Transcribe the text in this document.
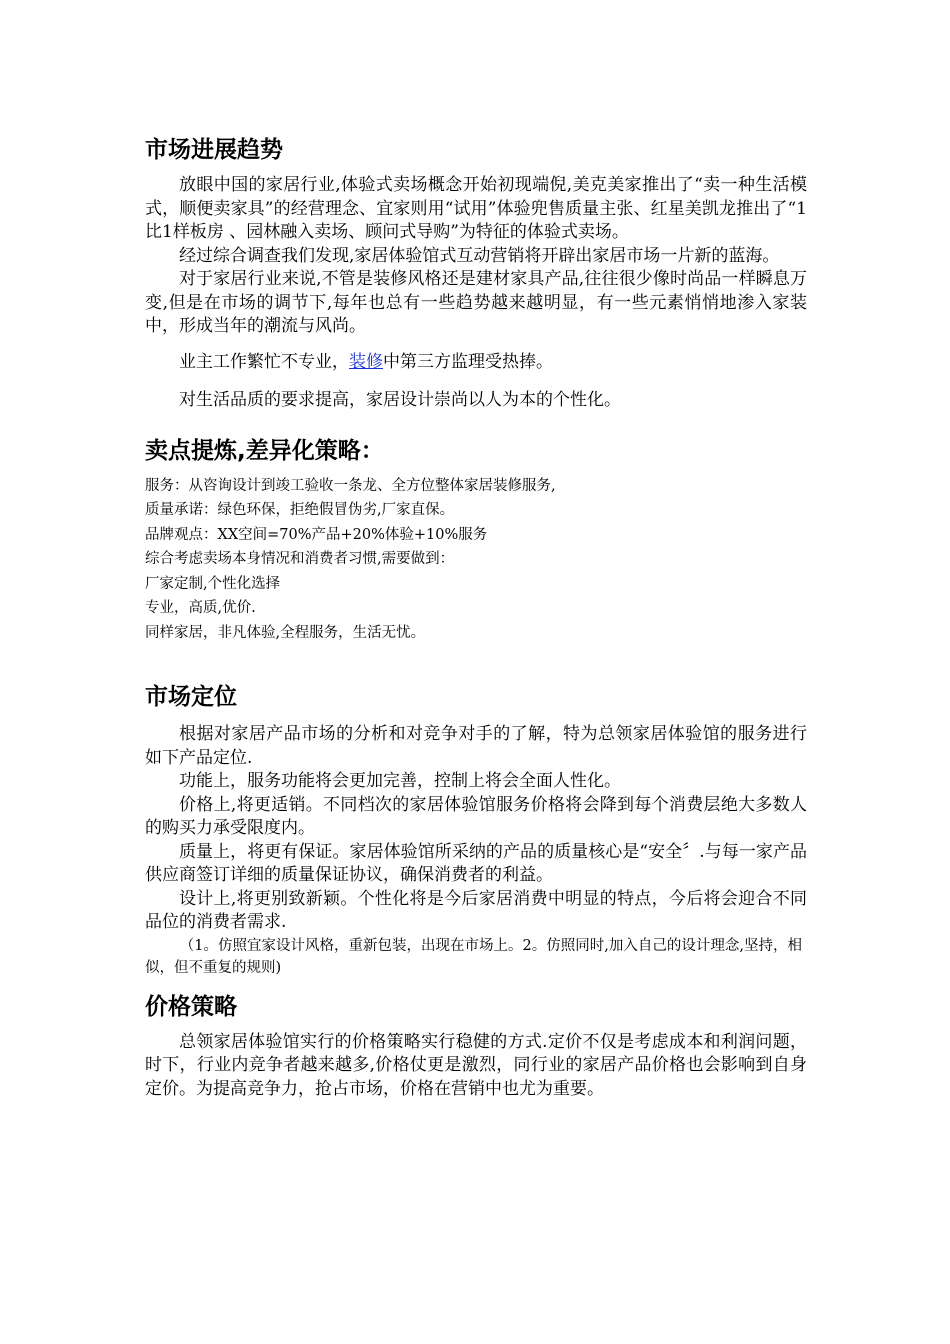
市场进展趋势

放眼中国的家居行业,体验式卖场概念开始初现端倪,美克美家推出了“卖一种生活模式，顺便卖家具”的经营理念、宜家则用“试用”体验兜售质量主张、红星美凯龙推出了“1比1样板房 、园林融入卖场、顾问式导购”为特征的体验式卖场。

经过综合调查我们发现,家居体验馆式互动营销将开辟出家居市场一片新的蓝海。

对于家居行业来说,不管是装修风格还是建材家具产品,往往很少像时尚品一样瞬息万变,但是在市场的调节下,每年也总有一些趋势越来越明显，有一些元素悄悄地渗入家装中，形成当年的潮流与风尚。

业主工作繁忙不专业，装修中第三方监理受热捧。

对生活品质的要求提高，家居设计崇尚以人为本的个性化。

卖点提炼,差异化策略：

服务：从咨询设计到竣工验收一条龙、全方位整体家居装修服务,

质量承诺：绿色环保，拒绝假冒伪劣,厂家直保。

品牌观点：XX空间=70%产品+20%体验+10%服务

综合考虑卖场本身情况和消费者习惯,需要做到：

厂家定制,个性化选择

专业，高质,优价.

同样家居，非凡体验,全程服务，生活无忧。

市场定位

根据对家居产品市场的分析和对竞争对手的了解，特为总领家居体验馆的服务进行如下产品定位.

功能上，服务功能将会更加完善，控制上将会全面人性化。

价格上,将更适销。不同档次的家居体验馆服务价格将会降到每个消费层绝大多数人的购买力承受限度内。

质量上，将更有保证。家居体验馆所采纳的产品的质量核心是“安全〞.与每一家产品供应商签订详细的质量保证协议，确保消费者的利益。

设计上,将更别致新颖。个性化将是今后家居消费中明显的特点，今后将会迎合不同品位的消费者需求.

（1。仿照宜家设计风格，重新包装，出现在市场上。2。仿照同时,加入自己的设计理念,坚持，相似，但不重复的规则)

价格策略

总领家居体验馆实行的价格策略实行稳健的方式.定价不仅是考虑成本和利润问题，时下，行业内竞争者越来越多,价格仗更是激烈，同行业的家居产品价格也会影响到自身定价。为提高竞争力，抢占市场，价格在营销中也尤为重要。
